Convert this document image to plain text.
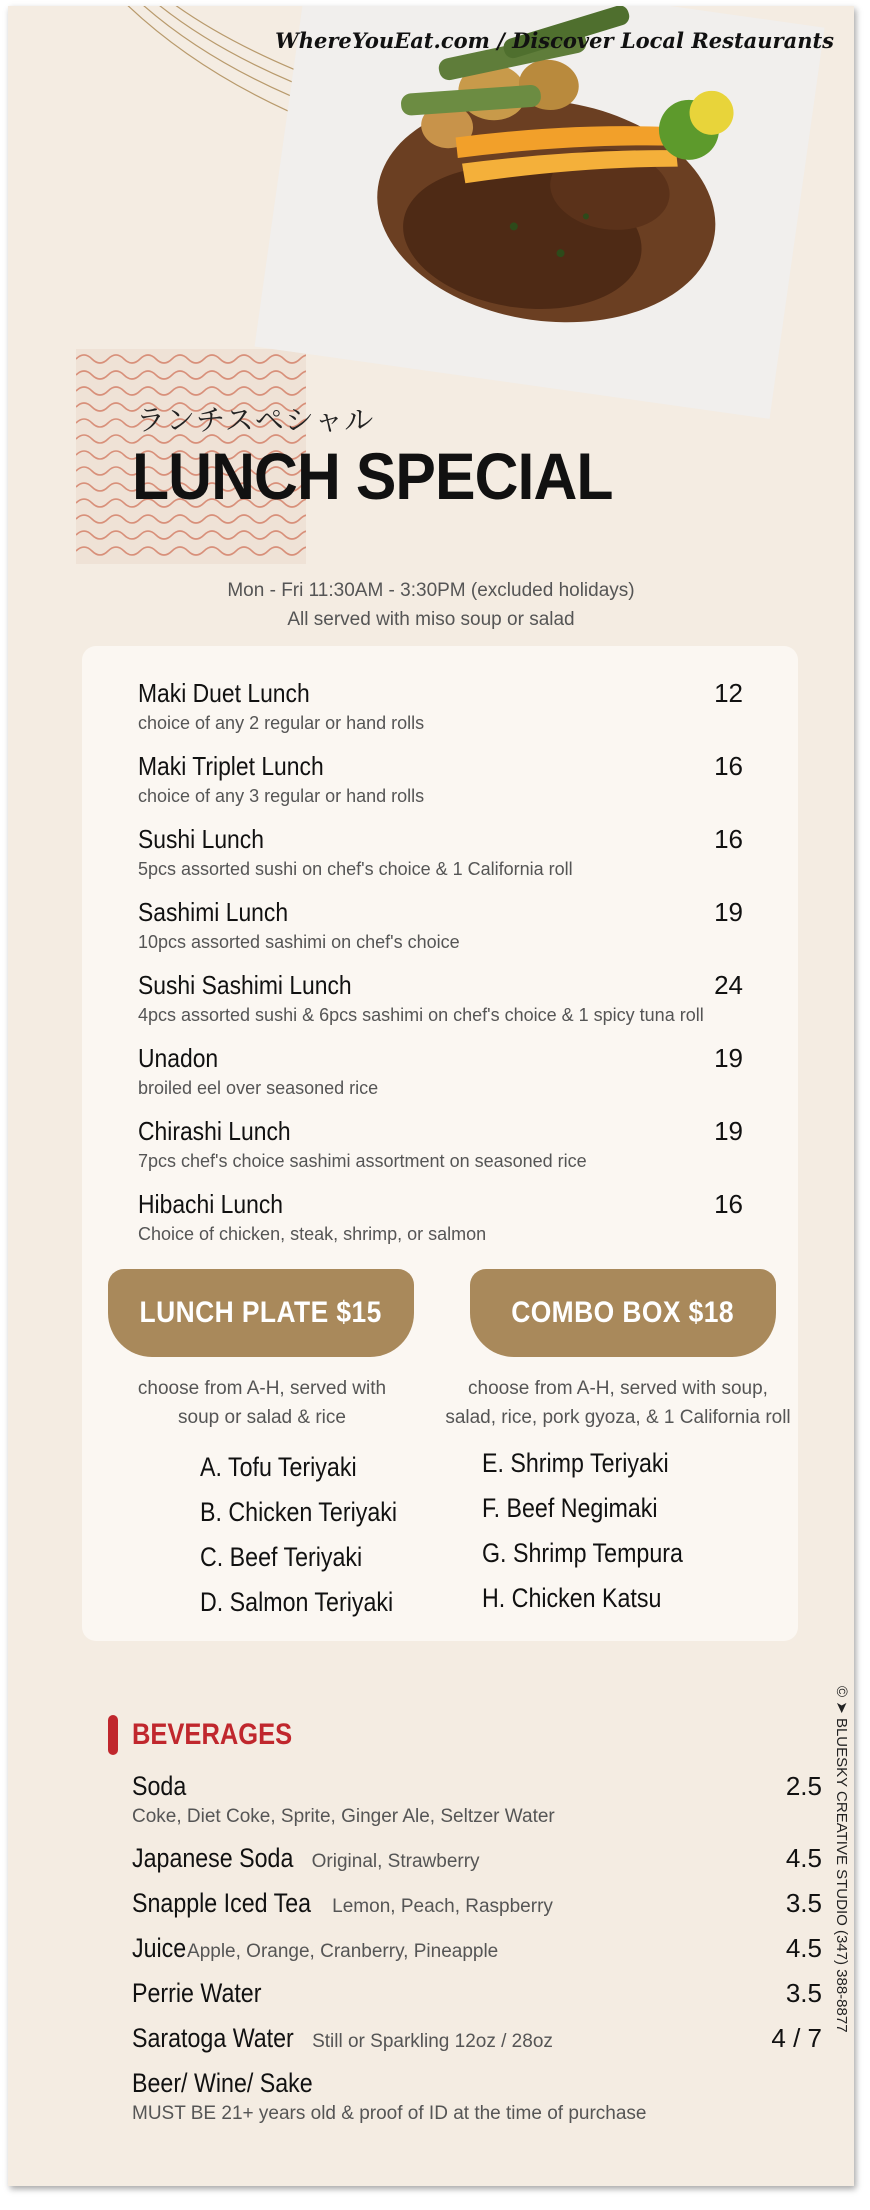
WhereYouEat.com / Discover Local Restaurants
ランチスペシャル
LUNCH SPECIAL
Mon - Fri 11:30AM - 3:30PM (excluded holidays)
All served with miso soup or salad
Maki Duet Lunch
choice of any 2 regular or hand rolls
12
Maki Triplet Lunch
choice of any 3 regular or hand rolls
16
Sushi Lunch
5pcs assorted sushi on chef's choice & 1 California roll
16
Sashimi Lunch
10pcs assorted sashimi on chef's choice
19
Sushi Sashimi Lunch
4pcs assorted sushi & 6pcs sashimi on chef's choice & 1 spicy tuna roll
24
Unadon
broiled eel over seasoned rice
19
Chirashi Lunch
7pcs chef's choice sashimi assortment on seasoned rice
19
Hibachi Lunch
Choice of chicken, steak, shrimp, or salmon
16
LUNCH PLATE $15	COMBO BOX $18
choose from A-H, served with
soup or salad & rice
choose from A-H, served with soup,
salad, rice, pork gyoza, & 1 California roll
A. Tofu Teriyaki
B. Chicken Teriyaki
C. Beef Teriyaki
D. Salmon Teriyaki
E. Shrimp Teriyaki
F. Beef Negimaki
G. Shrimp Tempura
H. Chicken Katsu
BEVERAGES
Soda
Coke, Diet Coke, Sprite, Ginger Ale, Seltzer Water
2.5
Japanese Soda Original, Strawberry	4.5
Snapple Iced Tea Lemon, Peach, Raspberry	3.5
JuiceApple, Orange, Cranberry, Pineapple	4.5
Perrie Water	3.5
Saratoga Water Still or Sparkling 12oz / 28oz	4 / 7
Beer/ Wine/ Sake
MUST BE 21+ years old & proof of ID at the time of purchase
© ➤ BLUESKY CREATIVE STUDIO (347) 388-8877
